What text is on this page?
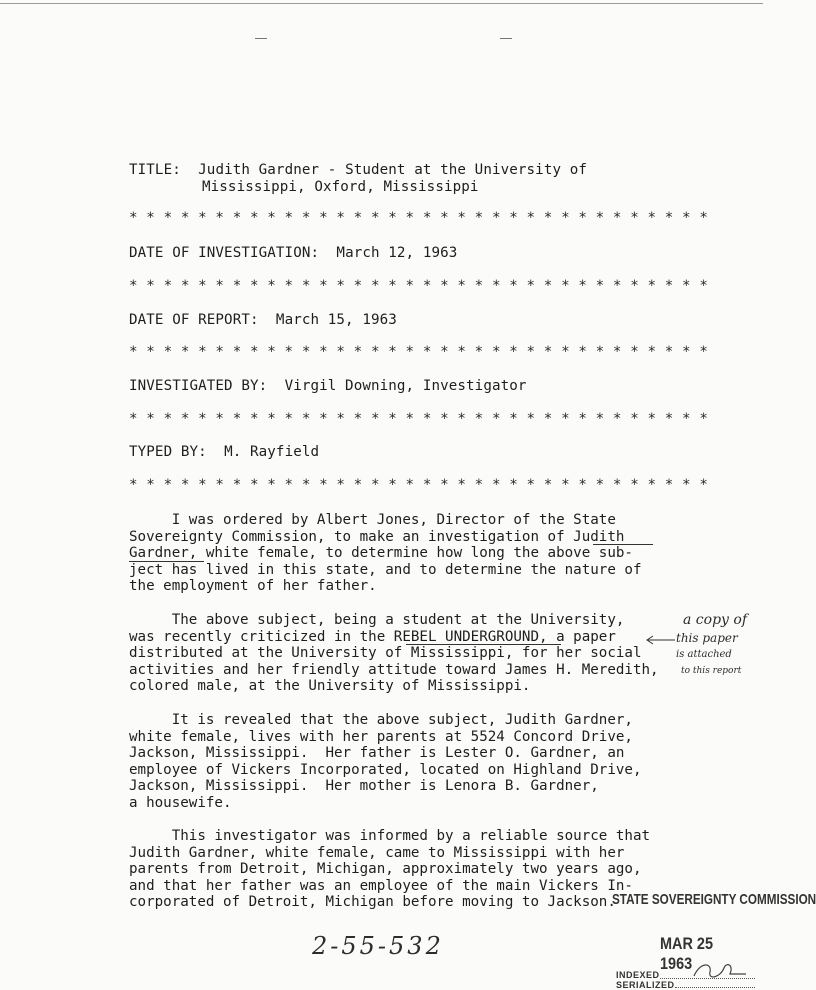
TITLE: Judith Gardner - Student at the University of
Mississippi, Oxford, Mississippi
* * * * * * * * * * * * * * * * * * * * * * * * * * * * * * * * * *
DATE OF INVESTIGATION: March 12, 1963
* * * * * * * * * * * * * * * * * * * * * * * * * * * * * * * * * *
DATE OF REPORT: March 15, 1963
* * * * * * * * * * * * * * * * * * * * * * * * * * * * * * * * * *
INVESTIGATED BY: Virgil Downing, Investigator
* * * * * * * * * * * * * * * * * * * * * * * * * * * * * * * * * *
TYPED BY: M. Rayfield
* * * * * * * * * * * * * * * * * * * * * * * * * * * * * * * * * *

I was ordered by Albert Jones, Director of the State

Sovereignty Commission, to make an investigation of Judith

Gardner, white female, to determine how long the above sub-

ject has lived in this state, and to determine the nature of

the employment of her father.

The above subject, being a student at the University,

was recently criticized in the REBEL UNDERGROUND, a paper

distributed at the University of Mississippi, for her social

activities and her friendly attitude toward James H. Meredith,

colored male, at the University of Mississippi.

It is revealed that the above subject, Judith Gardner,

white female, lives with her parents at 5524 Concord Drive,

Jackson, Mississippi.  Her father is Lester O. Gardner, an

employee of Vickers Incorporated, located on Highland Drive,

Jackson, Mississippi.  Her mother is Lenora B. Gardner,

a housewife.

This investigator was informed by a reliable source that

Judith Gardner, white female, came to Mississippi with her

parents from Detroit, Michigan, approximately two years ago,

and that her father was an employee of the main Vickers In-

corporated of Detroit, Michigan before moving to Jackson.

a copy of
this paper
is attached
to this report
2-55-532
STATE SOVEREIGNTY COMMISSION
MAR 25 1963
INDEXED
SERIALIZED
